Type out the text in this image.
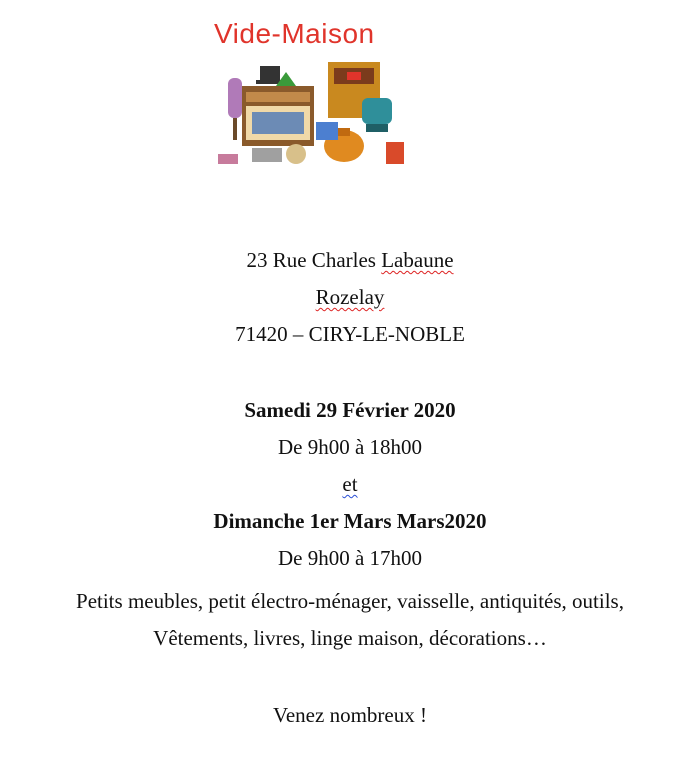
Vide-Maison
23 Rue Charles Labaune
Rozelay
71420 – CIRY-LE-NOBLE
Samedi 29 Février 2020
De 9h00 à 18h00
et
Dimanche 1er Mars Mars2020
De 9h00 à 17h00
Petits meubles, petit électro-ménager, vaisselle, antiquités, outils,
Vêtements, livres, linge maison, décorations…
Venez nombreux !
